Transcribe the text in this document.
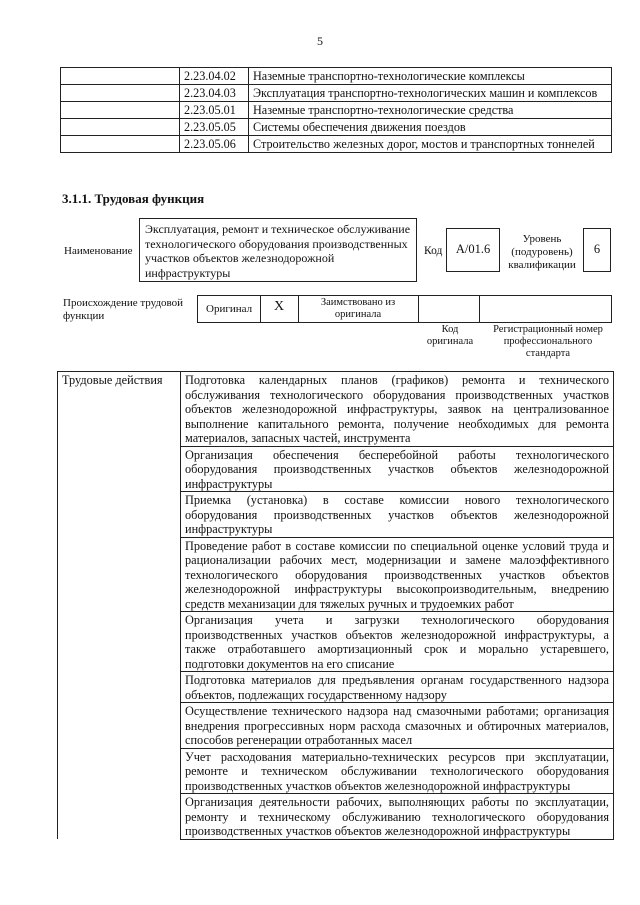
5
	2.23.04.02	Наземные транспортно-технологические комплексы
	2.23.04.03	Эксплуатация транспортно-технологических машин и комплексов
	2.23.05.01	Наземные транспортно-технологические средства
	2.23.05.05	Системы обеспечения движения поездов
	2.23.05.06	Строительство железных дорог, мостов и транспортных тоннелей
3.1.1. Трудовая функция
Наименование
Эксплуатация, ремонт и техническое обслуживание технологического оборудования производственных участков объектов железнодорожной инфраструктуры
Код	А/01.6
Уровень (подуровень) квалификации
6
Происхождение трудовой функции
Оригинал	X	Заимствовано из оригинала
Код оригинала
Регистрационный номер профессионального стандарта
Трудовые действия	Подготовка календарных планов (графиков) ремонта и технического обслуживания технологического оборудования производственных участков объектов железнодорожной инфраструктуры, заявок на централизованное выполнение капитального ремонта, получение необходимых для ремонта материалов, запасных частей, инструмента
Организация обеспечения бесперебойной работы технологического оборудования производственных участков объектов железнодорожной инфраструктуры
Приемка (установка) в составе комиссии нового технологического оборудования производственных участков объектов железнодорожной инфраструктуры
Проведение работ в составе комиссии по специальной оценке условий труда и рационализации рабочих мест, модернизации и замене малоэффективного технологического оборудования производственных участков объектов железнодорожной инфраструктуры высокопроизводительным, внедрению средств механизации для тяжелых ручных и трудоемких работ
Организация учета и загрузки технологического оборудования производственных участков объектов железнодорожной инфраструктуры, а также отработавшего амортизационный срок и морально устаревшего, подготовки документов на его списание
Подготовка материалов для предъявления органам государственного надзора объектов, подлежащих государственному надзору
Осуществление технического надзора над смазочными работами; организация внедрения прогрессивных норм расхода смазочных и обтирочных материалов, способов регенерации отработанных масел
Учет расходования материально-технических ресурсов при эксплуатации, ремонте и техническом обслуживании технологического оборудования производственных участков объектов железнодорожной инфраструктуры
Организация деятельности рабочих, выполняющих работы по эксплуатации, ремонту и техническому обслуживанию технологического оборудования производственных участков объектов железнодорожной инфраструктуры
